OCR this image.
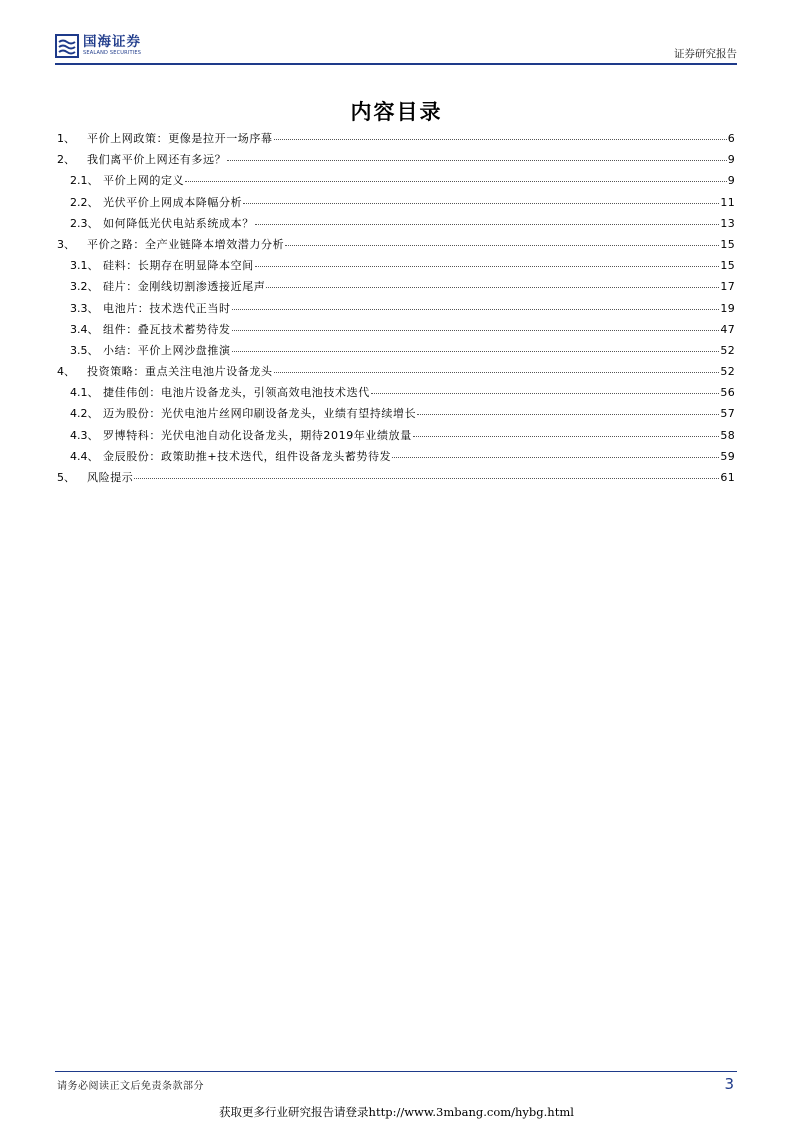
国海证券
SEALAND SECURITIES	证券研究报告
内容目录
1、	平价上网政策：更像是拉开一场序幕	6
2、	我们离平价上网还有多远？	9
2.1、 平价上网的定义	9
2.2、 光伏平价上网成本降幅分析	11
2.3、 如何降低光伏电站系统成本？	13
3、	平价之路：全产业链降本增效潜力分析	15
3.1、 硅料：长期存在明显降本空间	15
3.2、 硅片：金刚线切割渗透接近尾声	17
3.3、 电池片：技术迭代正当时	19
3.4、 组件：叠瓦技术蓄势待发	47
3.5、 小结：平价上网沙盘推演	52
4、	投资策略：重点关注电池片设备龙头	52
4.1、 捷佳伟创：电池片设备龙头，引领高效电池技术迭代	56
4.2、 迈为股份：光伏电池片丝网印刷设备龙头，业绩有望持续增长	57
4.3、 罗博特科：光伏电池自动化设备龙头，期待2019年业绩放量	58
4.4、 金辰股份：政策助推+技术迭代，组件设备龙头蓄势待发	59
5、	风险提示	61
请务必阅读正文后免责条款部分	3
获取更多行业研究报告请登录http://www.3mbang.com/hybg.html
